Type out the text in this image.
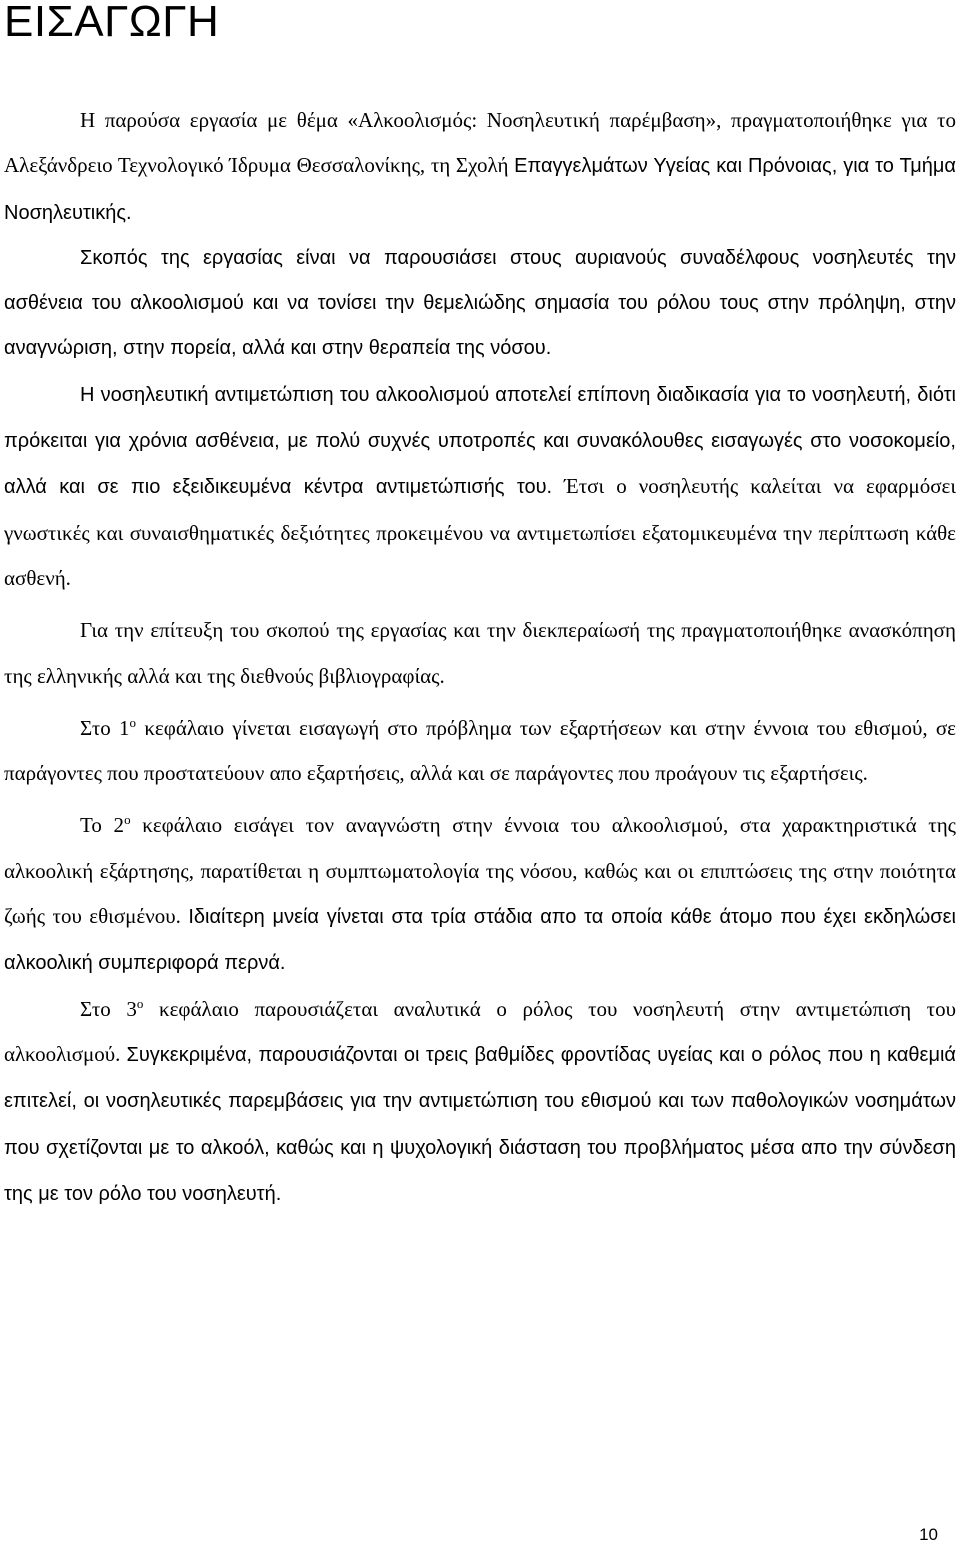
ΕΙΣΑΓΩΓΗ

Η παρούσα εργασία με θέμα «Αλκοολισμός: Νοσηλευτική παρέμβαση», πραγματοποιήθηκε για το Αλεξάνδρειο Τεχνολογικό Ίδρυμα Θεσσαλονίκης, τη Σχολή Επαγγελμάτων Υγείας και Πρόνοιας, για το Τμήμα Νοσηλευτικής.

Σκοπός της εργασίας είναι να παρουσιάσει στους αυριανούς συναδέλφους νοσηλευτές την ασθένεια του αλκοολισμού και να τονίσει την θεμελιώδης σημασία του ρόλου τους στην πρόληψη, στην αναγνώριση, στην πορεία, αλλά και στην θεραπεία της νόσου.

Η νοσηλευτική αντιμετώπιση του αλκοολισμού αποτελεί επίπονη διαδικασία για το νοσηλευτή, διότι πρόκειται για χρόνια ασθένεια, με πολύ συχνές υποτροπές και συνακόλουθες εισαγωγές στο νοσοκομείο, αλλά και σε πιο εξειδικευμένα κέντρα αντιμετώπισής του. Έτσι ο νοσηλευτής καλείται να εφαρμόσει γνωστικές και συναισθηματικές δεξιότητες προκειμένου να αντιμετωπίσει εξατομικευμένα την περίπτωση κάθε ασθενή.

Για την επίτευξη του σκοπού της εργασίας και την διεκπεραίωσή της πραγματοποιήθηκε ανασκόπηση της ελληνικής αλλά και της διεθνούς βιβλιογραφίας.

Στο $1^o$ κεφάλαιο γίνεται εισαγωγή στο πρόβλημα των εξαρτήσεων και στην έννοια του εθισμού, σε παράγοντες που προστατεύουν απο εξαρτήσεις, αλλά και σε παράγοντες που προάγουν τις εξαρτήσεις.

Το $2^o$ κεφάλαιο εισάγει τον αναγνώστη στην έννοια του αλκοολισμού, στα χαρακτηριστικά της αλκοολική εξάρτησης, παρατίθεται η συμπτωματολογία της νόσου, καθώς και οι επιπτώσεις της στην ποιότητα ζωής του εθισμένου. Ιδιαίτερη μνεία γίνεται στα τρία στάδια απο τα οποία κάθε άτομο που έχει εκδηλώσει αλκοολική συμπεριφορά περνά.

Στο $3^o$ κεφάλαιο παρουσιάζεται αναλυτικά ο ρόλος του νοσηλευτή στην αντιμετώπιση του αλκοολισμού. Συγκεκριμένα, παρουσιάζονται οι τρεις βαθμίδες φροντίδας υγείας και ο ρόλος που η καθεμιά επιτελεί, οι νοσηλευτικές παρεμβάσεις για την αντιμετώπιση του εθισμού και των παθολογικών νοσημάτων που σχετίζονται με το αλκοόλ, καθώς και η ψυχολογική διάσταση του προβλήματος μέσα απο την σύνδεση της με τον ρόλο του νοσηλευτή.

10
